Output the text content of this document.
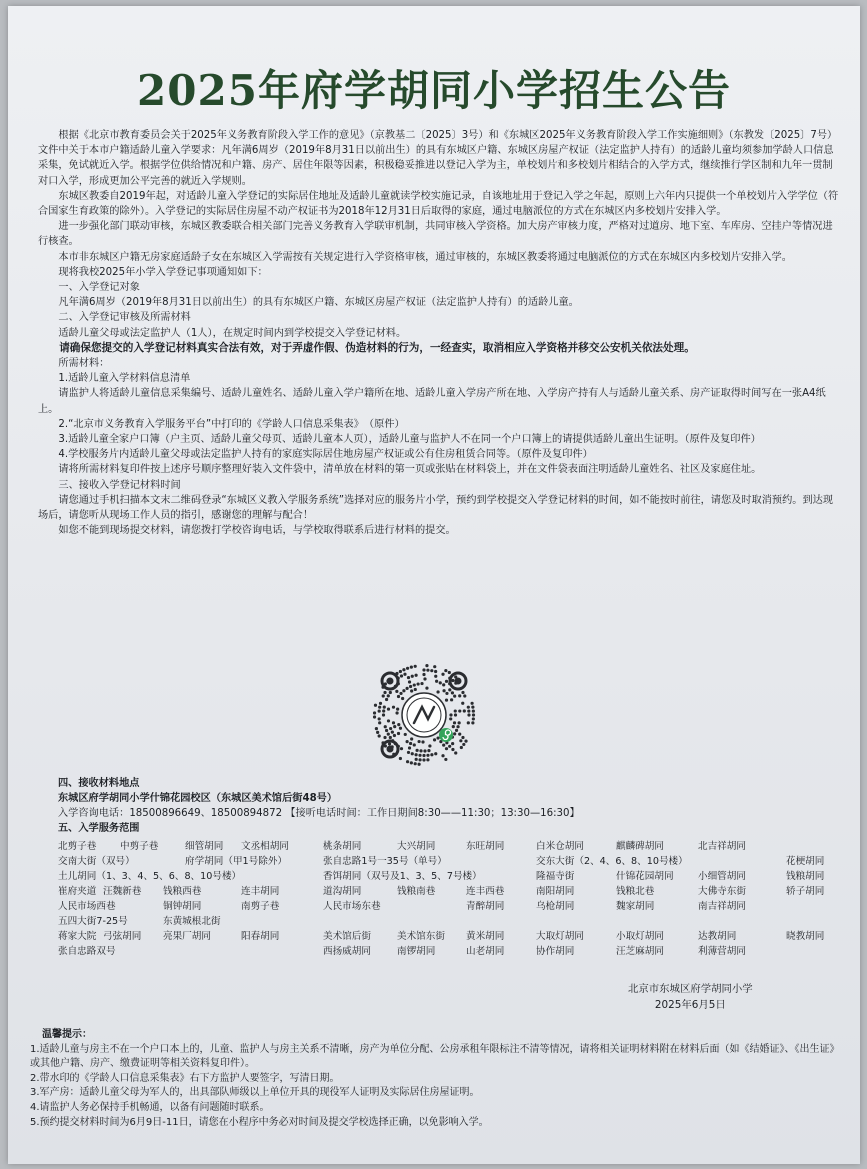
2025年府学胡同小学招生公告

根据《北京市教育委员会关于2025年义务教育阶段入学工作的意见》（京教基二〔2025〕3号）和《东城区2025年义务教育阶段入学工作实施细则》（东教发〔2025〕7号）文件中关于本市户籍适龄儿童入学要求：凡年满6周岁（2019年8月31日以前出生）的具有东城区户籍、东城区房屋产权证（法定监护人持有）的适龄儿童均须参加学龄人口信息采集，免试就近入学。根据学位供给情况和户籍、房产、居住年限等因素，积极稳妥推进以登记入学为主，单校划片和多校划片相结合的入学方式，继续推行学区制和九年一贯制对口入学，形成更加公平完善的就近入学规则。

东城区教委自2019年起，对适龄儿童入学登记的实际居住地址及适龄儿童就读学校实施记录，自该地址用于登记入学之年起，原则上六年内只提供一个单校划片入学学位（符合国家生育政策的除外）。入学登记的实际居住房屋不动产权证书为2018年12月31日后取得的家庭，通过电脑派位的方式在东城区内多校划片安排入学。

进一步强化部门联动审核，东城区教委联合相关部门完善义务教育入学联审机制，共同审核入学资格。加大房产审核力度，严格对过道房、地下室、车库房、空挂户等情况进行核查。

本市非东城区户籍无房家庭适龄子女在东城区入学需按有关规定进行入学资格审核，通过审核的，东城区教委将通过电脑派位的方式在东城区内多校划片安排入学。

现将我校2025年小学入学登记事项通知如下：

一、入学登记对象

凡年满6周岁（2019年8月31日以前出生）的具有东城区户籍、东城区房屋产权证（法定监护人持有）的适龄儿童。

二、入学登记审核及所需材料

适龄儿童父母或法定监护人（1人），在规定时间内到学校提交入学登记材料。

请确保您提交的入学登记材料真实合法有效，对于弄虚作假、伪造材料的行为，一经查实，取消相应入学资格并移交公安机关依法处理。

所需材料：

1.适龄儿童入学材料信息清单

请监护人将适龄儿童信息采集编号、适龄儿童姓名、适龄儿童入学户籍所在地、适龄儿童入学房产所在地、入学房产持有人与适龄儿童关系、房产证取得时间写在一张A4纸上。

2.“北京市义务教育入学服务平台”中打印的《学龄人口信息采集表》　（原件）

3.适龄儿童全家户口簿（户主页、适龄儿童父母页、适龄儿童本人页），适龄儿童与监护人不在同一个户口簿上的请提供适龄儿童出生证明。（原件及复印件）

4.学校服务片内适龄儿童父母或法定监护人持有的家庭实际居住地房屋产权证或公有住房租赁合同等。（原件及复印件）

请将所需材料复印件按上述序号顺序整理好装入文件袋中，清单放在材料的第一页或张贴在材料袋上，并在文件袋表面注明适龄儿童姓名、社区及家庭住址。

三、接收入学登记材料时间

请您通过手机扫描本文末二维码登录“东城区义教入学服务系统”选择对应的服务片小学，预约到学校提交入学登记材料的时间，如不能按时前往，请您及时取消预约。到达现场后，请您听从现场工作人员的指引，感谢您的理解与配合！

如您不能到现场提交材料，请您拨打学校咨询电话，与学校取得联系后进行材料的提交。

四、接收材料地点

东城区府学胡同小学什锦花园校区（东城区美术馆后街48号）

入学咨询电话：18500896649、18500894872 【接听电话时间：工作日期间8:30——11:30；13:30—16:30】

五、入学服务范围

北剪子巷 中剪子巷	细管胡同 文丞相胡同	桃条胡同	大兴胡同	东旺胡同	白米仓胡同	麒麟碑胡同	北吉祥胡同
交南大街（双号）	府学胡同（甲1号除外）	张自忠路1号一35号（单号）	交东大街（2、4、6、8、10号楼）	花梗胡同
土儿胡同（1、3、4、5、6、8、10号楼）	香饵胡同（双号及1、3、5、7号楼）	隆福寺街	什锦花园胡同	小细管胡同	钱粮胡同
崔府夹道 汪魏新巷 钱粮西巷	连丰胡同	道沟胡同	钱粮南巷	连丰西巷	南阳胡同	钱粮北巷	大佛寺东街	轿子胡同
人民市场西巷	铜钟胡同	南剪子巷	人民市场东巷	青醉胡同	乌枪胡同	魏家胡同	南吉祥胡同
五四大街7-25号	东黄城根北街
蒋家大院 弓弦胡同 亮果厂胡同	阳春胡同	美术馆后街	美术馆东街 黄米胡同	大取灯胡同	小取灯胡同	达教胡同	晓教胡同
张自忠路双号	西扬威胡同	南锣胡同	山老胡同	协作胡同	汪芝麻胡同	利薄营胡同

北京市东城区府学胡同小学

2025年6月5日

温馨提示：

1.适龄儿童与房主不在一个户口本上的，儿童、监护人与房主关系不清晰，房产为单位分配、公房承租年限标注不清等情况，请将相关证明材料附在材料后面（如《结婚证》、《出生证》或其他户籍、房产、缴费证明等相关资料复印件）。

2.带水印的《学龄人口信息采集表》右下方监护人要签字，写清日期。

3.军产房：适龄儿童父母为军人的，出具部队师级以上单位开具的现役军人证明及实际居住房屋证明。

4.请监护人务必保持手机畅通，以备有问题随时联系。

5.预约提交材料时间为6月9日-11日，请您在小程序中务必对时间及提交学校选择正确，以免影响入学。
